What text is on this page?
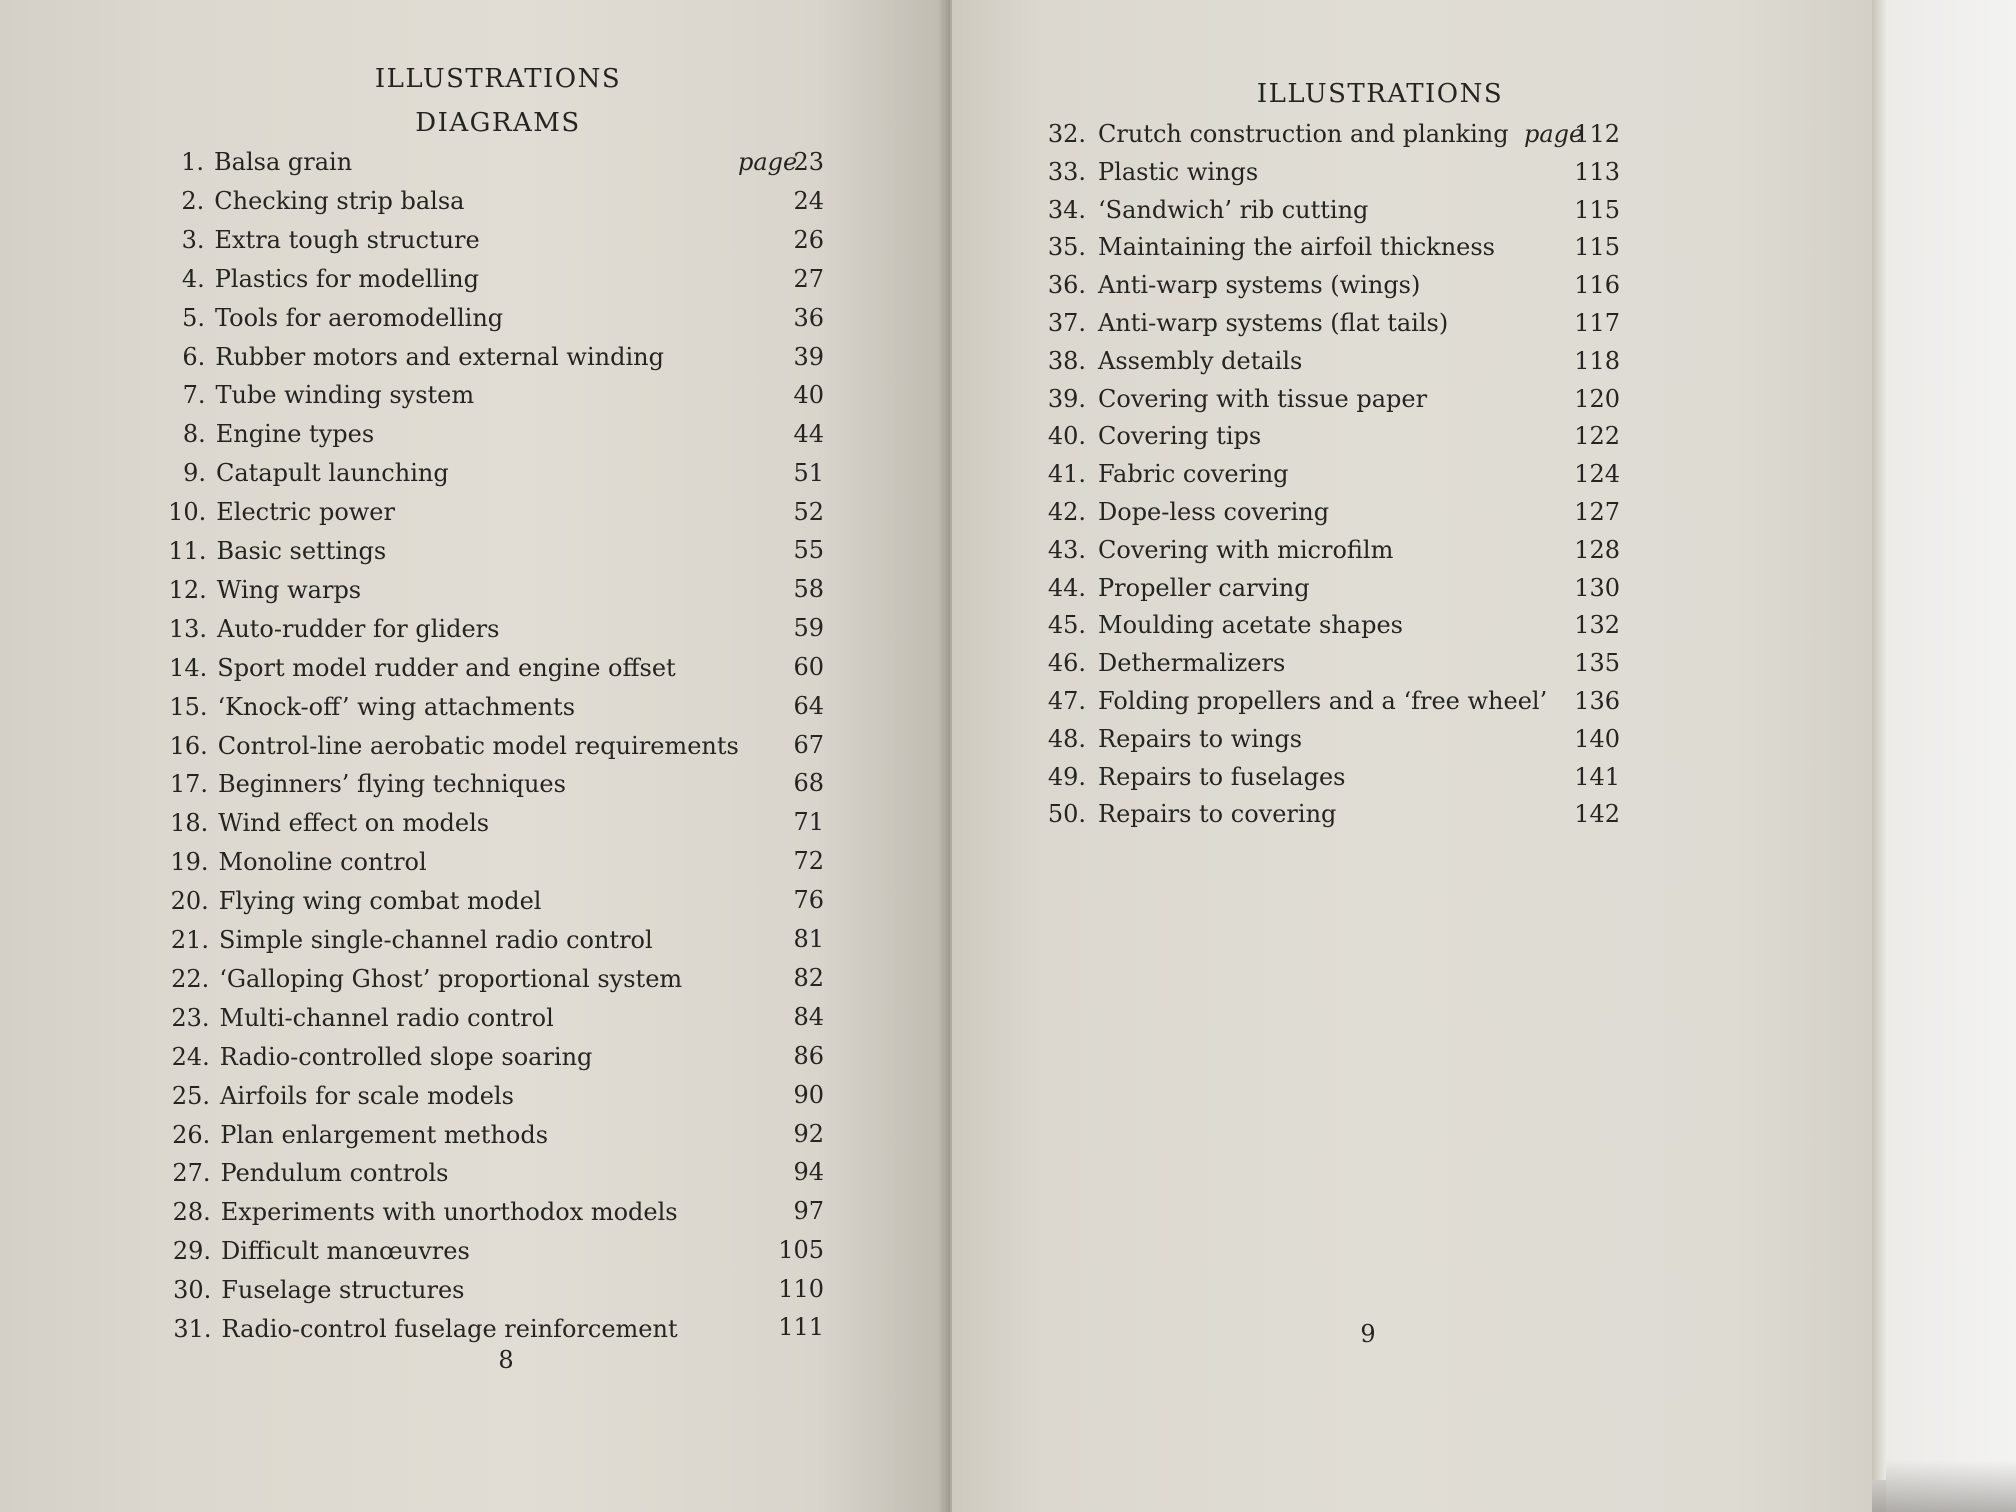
ILLUSTRATIONS
DIAGRAMS
1. Balsa grain	23
page
2. Checking strip balsa	24
3. Extra tough structure	26
4. Plastics for modelling	27
5. Tools for aeromodelling	36
6. Rubber motors and external winding	39
7. Tube winding system	40
8. Engine types	44
9. Catapult launching	51
10. Electric power	52
11. Basic settings	55
12. Wing warps	58
13. Auto-rudder for gliders	59
14. Sport model rudder and engine offset	60
15. ‘Knock-off’ wing attachments	64
16. Control-line aerobatic model requirements	67
17. Beginners’ flying techniques	68
18. Wind effect on models	71
19. Monoline control	72
20. Flying wing combat model	76
21. Simple single-channel radio control	81
22. ‘Galloping Ghost’ proportional system	82
23. Multi-channel radio control	84
24. Radio-controlled slope soaring	86
25. Airfoils for scale models	90
26. Plan enlargement methods	92
27. Pendulum controls	94
28. Experiments with unorthodox models	97
29. Difficult manœuvres	105
30. Fuselage structures	110
31. Radio-control fuselage reinforcement	111
8
ILLUSTRATIONS
32. Crutch construction and planking	112
page
33. Plastic wings	113
34. ‘Sandwich’ rib cutting	115
35. Maintaining the airfoil thickness	115
36. Anti-warp systems (wings)	116
37. Anti-warp systems (flat tails)	117
38. Assembly details	118
39. Covering with tissue paper	120
40. Covering tips	122
41. Fabric covering	124
42. Dope-less covering	127
43. Covering with microfilm	128
44. Propeller carving	130
45. Moulding acetate shapes	132
46. Dethermalizers	135
47. Folding propellers and a ‘free wheel’	136
48. Repairs to wings	140
49. Repairs to fuselages	141
50. Repairs to covering	142
9
